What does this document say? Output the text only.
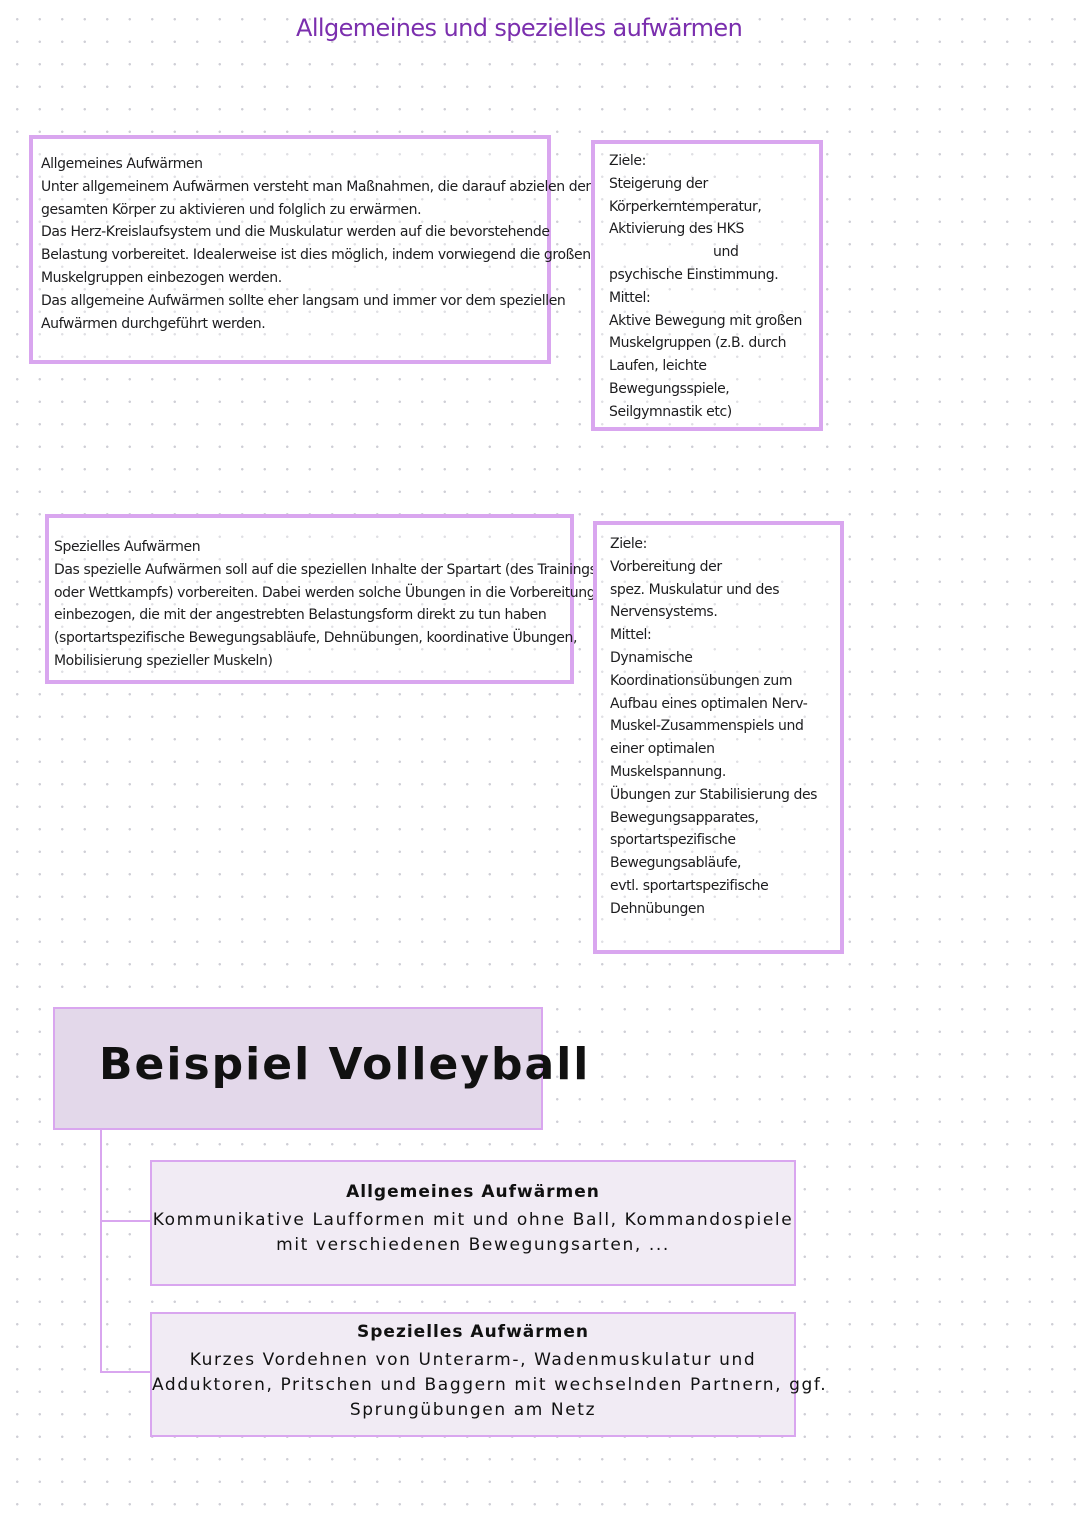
Allgemeines und spezielles aufwärmen
Allgemeines Aufwärmen
Unter allgemeinem Aufwärmen versteht man Maßnahmen, die darauf abzielen den
gesamten Körper zu aktivieren und folglich zu erwärmen.
Das Herz-Kreislaufsystem und die Muskulatur werden auf die bevorstehende
Belastung vorbereitet. Idealerweise ist dies möglich, indem vorwiegend die großen
Muskelgruppen einbezogen werden.
Das allgemeine Aufwärmen sollte eher langsam und immer vor dem speziellen
Aufwärmen durchgeführt werden.
Ziele:
Steigerung der
Körperkerntemperatur,
Aktivierung des HKS
und
psychische Einstimmung.
Mittel:
Aktive Bewegung mit großen
Muskelgruppen (z.B. durch
Laufen, leichte
Bewegungsspiele,
Seilgymnastik etc)
Spezielles Aufwärmen
Das spezielle Aufwärmen soll auf die speziellen Inhalte der Spartart (des Trainings
oder Wettkampfs) vorbereiten. Dabei werden solche Übungen in die Vorbereitung
einbezogen, die mit der angestrebten Belastungsform direkt zu tun haben
(sportartspezifische Bewegungsabläufe, Dehnübungen, koordinative Übungen,
Mobilisierung spezieller Muskeln)
Ziele:
Vorbereitung der
spez. Muskulatur und des
Nervensystems.
Mittel:
Dynamische
Koordinationsübungen zum
Aufbau eines optimalen Nerv-
Muskel-Zusammenspiels und
einer optimalen
Muskelspannung.
Übungen zur Stabilisierung des
Bewegungsapparates,
sportartspezifische
Bewegungsabläufe,
evtl. sportartspezifische
Dehnübungen
Beispiel Volleyball
Allgemeines Aufwärmen
Kommunikative Laufformen mit und ohne Ball, Kommandospiele
mit verschiedenen Bewegungsarten, ...
Spezielles Aufwärmen
Kurzes Vordehnen von Unterarm-, Wadenmuskulatur und
Adduktoren, Pritschen und Baggern mit wechselnden Partnern, ggf.
Sprungübungen am Netz
